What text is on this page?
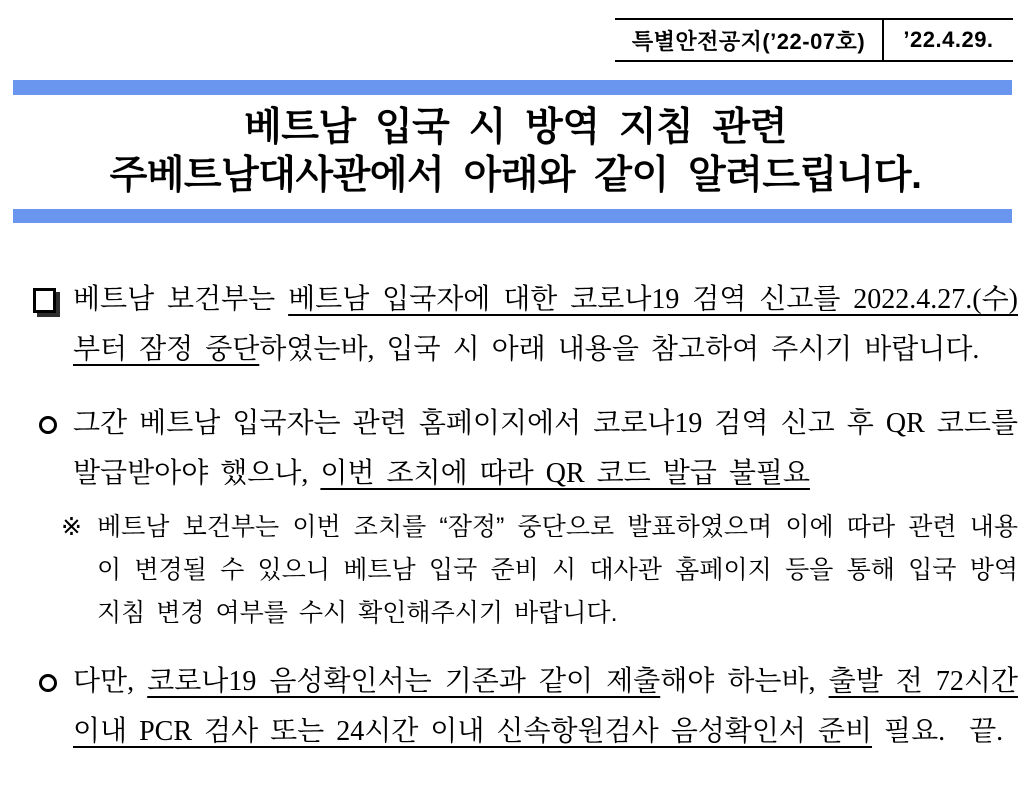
특별안전공지(’22-07호)	’22.4.29.
베트남 입국 시 방역 지침 관련
주베트남대사관에서 아래와 같이 알려드립니다.
베트남 보건부는 베트남 입국자에 대한 코로나19 검역 신고를 2022.4.27.(수)부터 잠정 중단하였는바, 입국 시 아래 내용을 참고하여 주시기 바랍니다.
그간 베트남 입국자는 관련 홈페이지에서 코로나19 검역 신고 후 QR 코드를 발급받아야 했으나, 이번 조치에 따라 QR 코드 발급 불필요
※ 베트남 보건부는 이번 조치를 “잠정” 중단으로 발표하였으며 이에 따라 관련 내용이 변경될 수 있으니 베트남 입국 준비 시 대사관 홈페이지 등을 통해 입국 방역 지침 변경 여부를 수시 확인해주시기 바랍니다.
다만, 코로나19 음성확인서는 기존과 같이 제출해야 하는바, 출발 전 72시간 이내 PCR 검사 또는 24시간 이내 신속항원검사 음성확인서 준비 필요.  끝.
